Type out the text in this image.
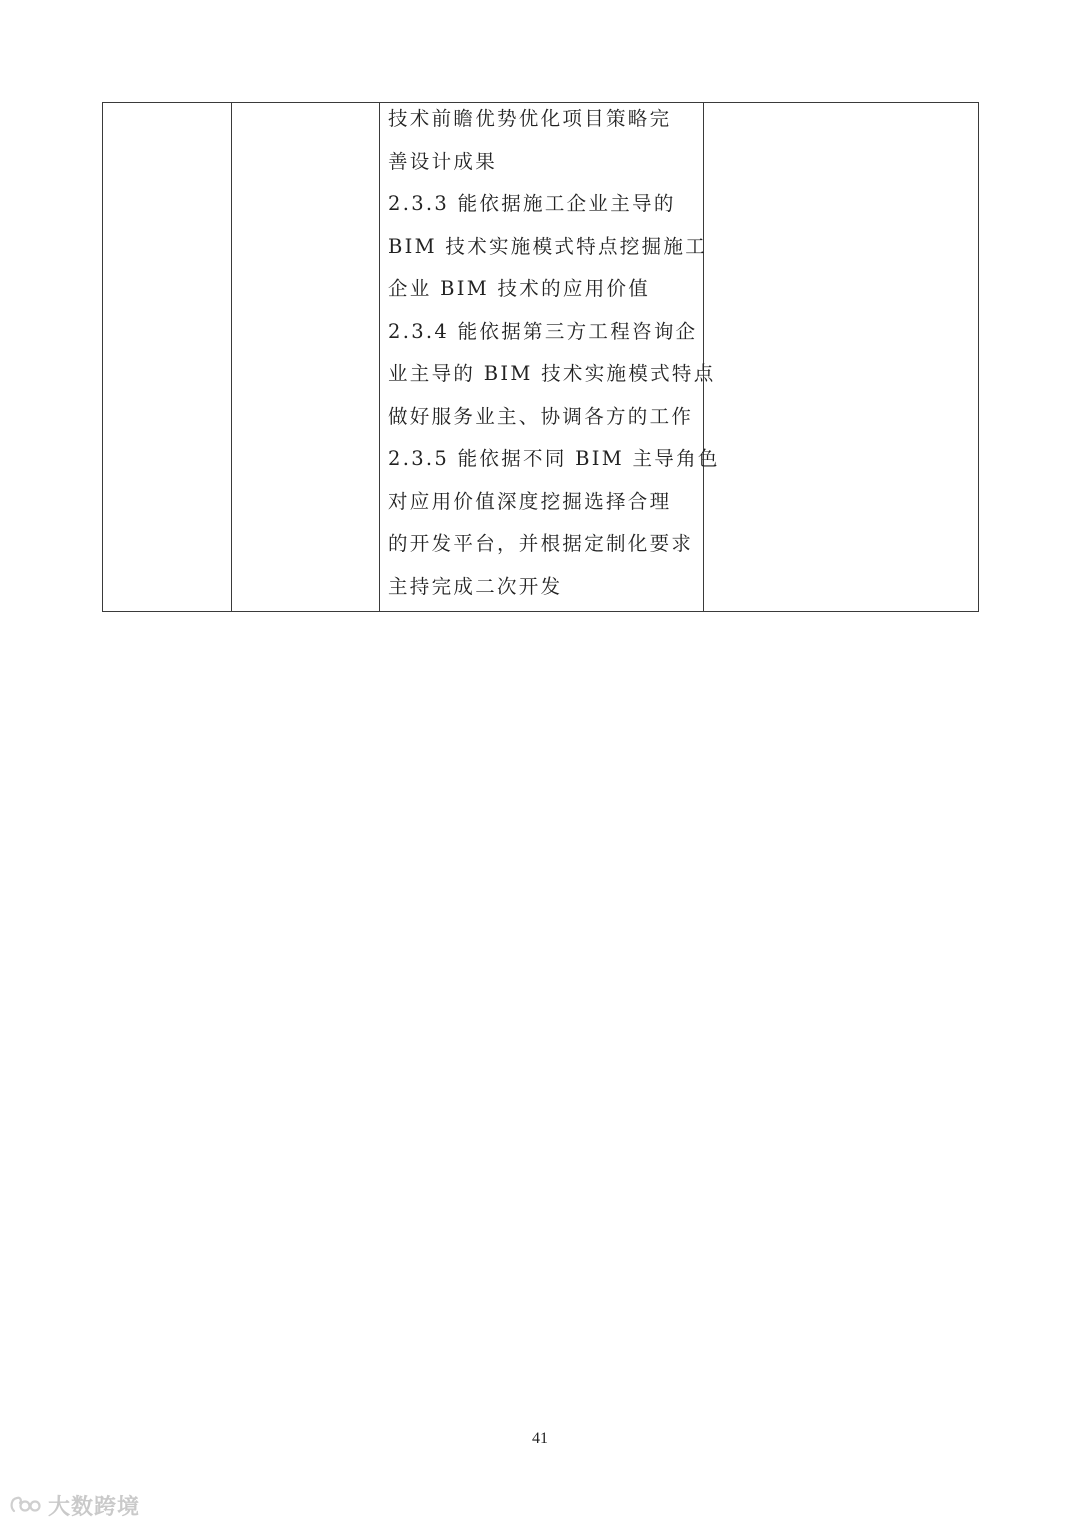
技术前瞻优势优化项目策略完
善设计成果
2.3.3 能依据施工企业主导的
BIM 技术实施模式特点挖掘施工
企业 BIM 技术的应用价值
2.3.4 能依据第三方工程咨询企
业主导的 BIM 技术实施模式特点
做好服务业主、协调各方的工作
2.3.5 能依据不同 BIM 主导角色
对应用价值深度挖掘选择合理
的开发平台，并根据定制化要求
主持完成二次开发
41
大数跨境
